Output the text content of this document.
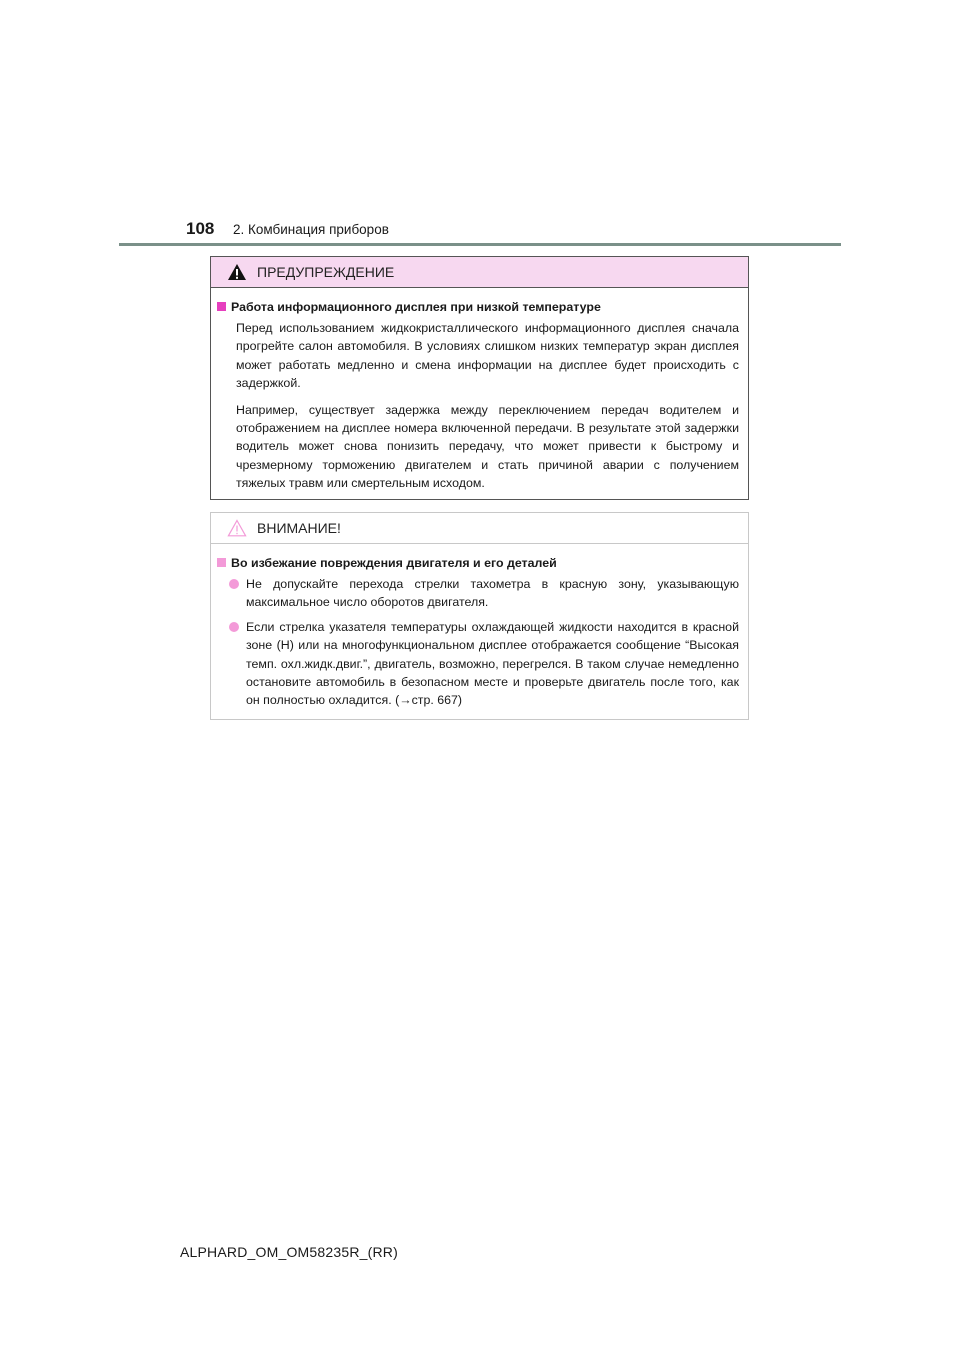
108 2. Комбинация приборов
ПРЕДУПРЕЖДЕНИЕ
Работа информационного дисплея при низкой температуре

Перед использованием жидкокристаллического информационного дисплея сначала прогрейте салон автомобиля. В условиях слишком низких температур экран дисплея может работать медленно и смена информации на дисплее будет происходить с задержкой.

Например, существует задержка между переключением передач водителем и отображением на дисплее номера включенной передачи. В результате этой задержки водитель может снова понизить передачу, что может привести к быстрому и чрезмерному торможению двигателем и стать причиной аварии с получением тяжелых травм или смертельным исходом.

ВНИМАНИЕ!
Во избежание повреждения двигателя и его деталей
Не допускайте перехода стрелки тахометра в красную зону, указывающую максимальное число оборотов двигателя.
Если стрелка указателя температуры охлаждающей жидкости находится в красной зоне (H) или на многофункциональном дисплее отображается сообщение “Высокая темп. охл.жидк.двиг.”, двигатель, возможно, перегрелся. В таком случае немедленно остановите автомобиль в безопасном месте и проверьте двигатель после того, как он полностью охладится. (→стр. 667)
ALPHARD_OM_OM58235R_(RR)
